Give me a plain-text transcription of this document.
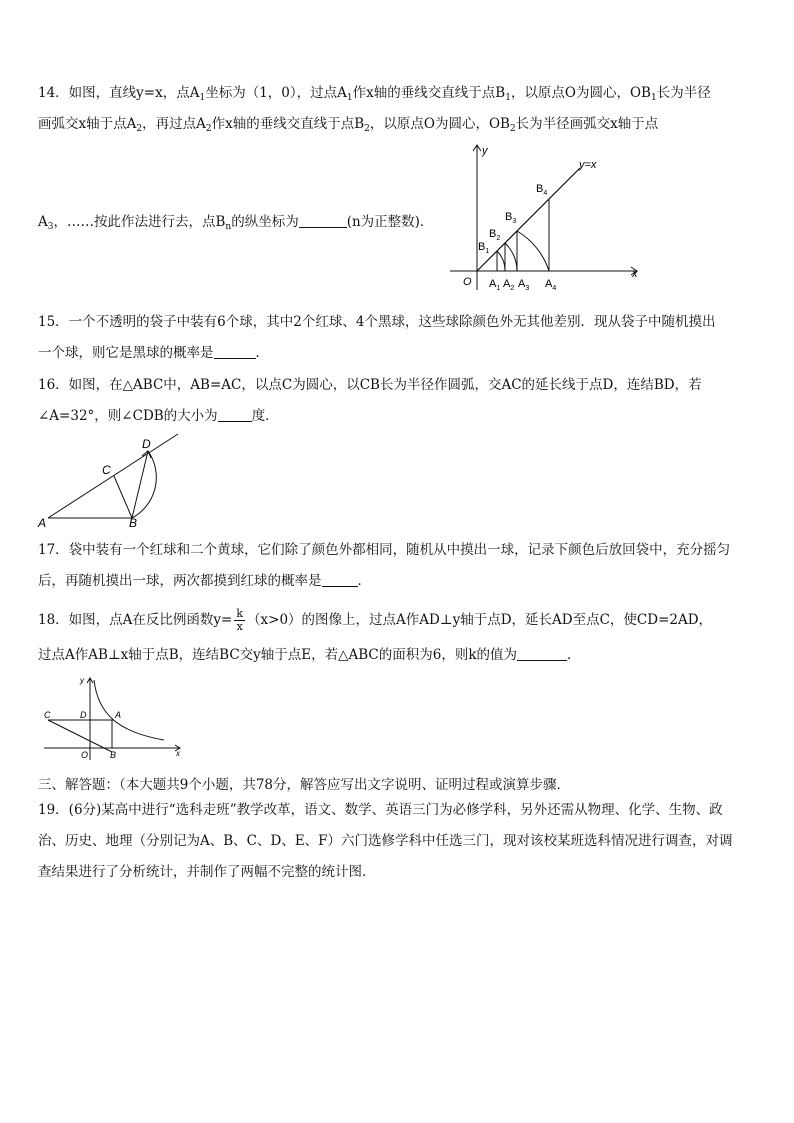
14．如图，直线y=x，点$A_1$坐标为（1，0），过点$A_1$作x轴的垂线交直线于点$B_1$，以原点O为圆心，$OB_1$长为半径
画弧交x轴于点$A_2$，再过点$A_2$作x轴的垂线交直线于点$B_2$，以原点O为圆心，$OB_2$长为半径画弧交x轴于点
$A_3$，……按此作法进行去，点$B_n$的纵坐标为	(n为正整数)．
y
x
y=x
O
$B_1$
$B_2$
$B_3$
$B_4$
$A_1$ $A_2$ $A_3$ $A_4$
15．一个不透明的袋子中装有6个球，其中2个红球、4个黑球，这些球除颜色外无其他差别．现从袋子中随机摸出
一个球，则它是黑球的概率是	．
16．如图，在△ABC中，AB=AC，以点C为圆心，以CB长为半径作圆弧，交AC的延长线于点D，连结BD，若
∠A=32°，则∠CDB的大小为	度．
A	B
C
D
17．袋中装有一个红球和二个黄球，它们除了颜色外都相同，随机从中摸出一球，记录下颜色后放回袋中，充分摇匀
后，再随机摸出一球，两次都摸到红球的概率是	．
18．如图，点A在反比例函数$y= \frac{k}{x} (x>0)$的图像上，过点A作AD⊥y轴于点D，延长AD至点C，使CD=2AD，
过点A作AB⊥x轴于点B，连结BC交y轴于点E，若△ABC的面积为6，则k的值为	．
y
x
C	D	A
O B
三、解答题：（本大题共9个小题，共78分，解答应写出文字说明、证明过程或演算步骤．
19．(6分)某高中进行“选科走班”教学改革，语文、数学、英语三门为必修学科，另外还需从物理、化学、生物、政
治、历史、地理（分别记为A、B、C、D、E、F）六门选修学科中任选三门，现对该校某班选科情况进行调查，对调
查结果进行了分析统计，并制作了两幅不完整的统计图．
